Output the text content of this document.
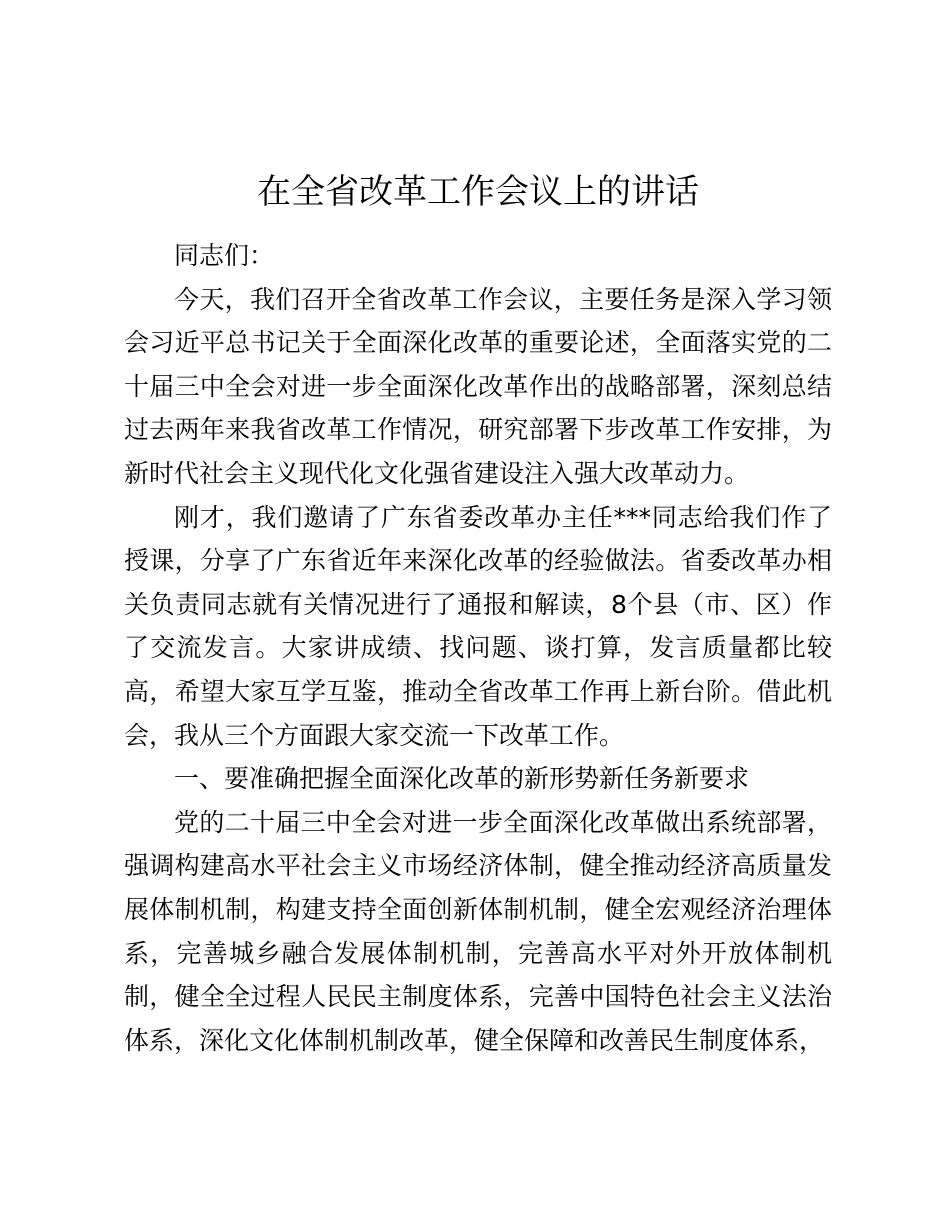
在全省改革工作会议上的讲话

同志们：

今天，我们召开全省改革工作会议，主要任务是深入学习领会习近平总书记关于全面深化改革的重要论述，全面落实党的二十届三中全会对进一步全面深化改革作出的战略部署，深刻总结过去两年来我省改革工作情况，研究部署下步改革工作安排，为新时代社会主义现代化文化强省建设注入强大改革动力。

刚才，我们邀请了广东省委改革办主任***同志给我们作了授课，分享了广东省近年来深化改革的经验做法。省委改革办相关负责同志就有关情况进行了通报和解读，8个县（市、区）作了交流发言。大家讲成绩、找问题、谈打算，发言质量都比较高，希望大家互学互鉴，推动全省改革工作再上新台阶。借此机会，我从三个方面跟大家交流一下改革工作。

一、要准确把握全面深化改革的新形势新任务新要求

党的二十届三中全会对进一步全面深化改革做出系统部署，强调构建高水平社会主义市场经济体制，健全推动经济高质量发展体制机制，构建支持全面创新体制机制，健全宏观经济治理体系，完善城乡融合发展体制机制，完善高水平对外开放体制机制，健全全过程人民民主制度体系，完善中国特色社会主义法治体系，深化文化体制机制改革，健全保障和改善民生制度体系，
